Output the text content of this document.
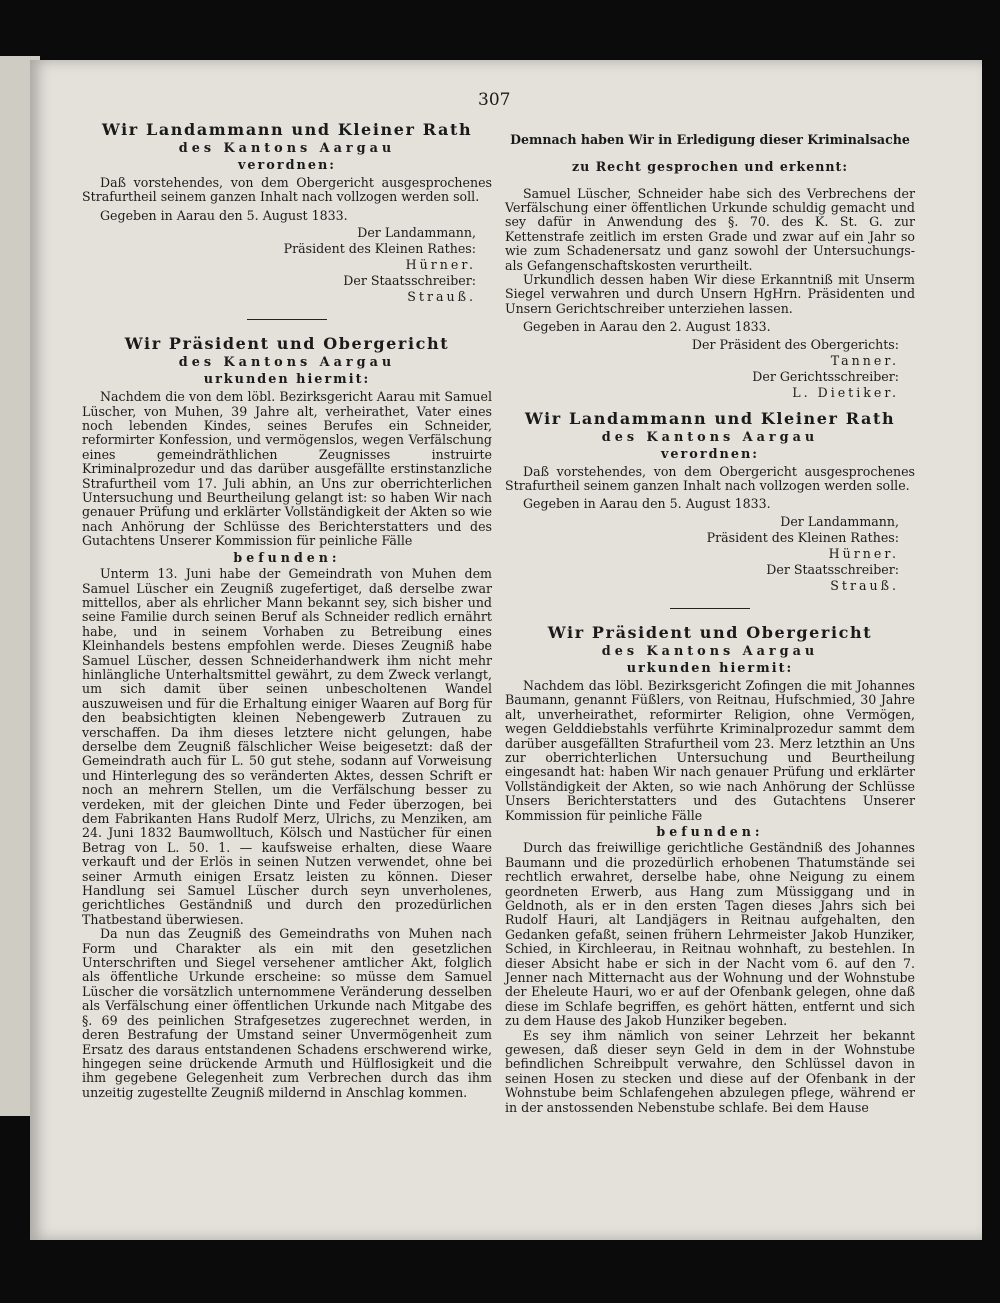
307

Wir Landammann und Kleiner Rath

des Kantons Aargau

verordnen:

Daß vorstehendes, von dem Obergericht ausgesprochenes Strafurtheil seinem ganzen Inhalt nach vollzogen werden soll.

Gegeben in Aarau den 5. August 1833.

Der Landammann,

Präsident des Kleinen Rathes:

Hürner.

Der Staatsschreiber:

Strauß.

Wir Präsident und Obergericht

des Kantons Aargau

urkunden hiermit:

Nachdem die von dem löbl. Bezirksgericht Aarau mit Samuel Lüscher, von Muhen, 39 Jahre alt, verheirathet, Vater eines noch lebenden Kindes, seines Berufes ein Schneider, reformirter Konfession, und vermögenslos, wegen Verfälschung eines gemeindräthlichen Zeugnisses instruirte Kriminalprozedur und das darüber ausgefällte erstinstanzliche Strafurtheil vom 17. Juli abhin, an Uns zur oberrichterlichen Untersuchung und Beurtheilung gelangt ist: so haben Wir nach genauer Prüfung und erklärter Vollständigkeit der Akten so wie nach Anhörung der Schlüsse des Berichterstatters und des Gutachtens Unserer Kommission für peinliche Fälle

befunden:

Unterm 13. Juni habe der Gemeindrath von Muhen dem Samuel Lüscher ein Zeugniß zugefertiget, daß derselbe zwar mittellos, aber als ehrlicher Mann bekannt sey, sich bisher und seine Familie durch seinen Beruf als Schneider redlich ernährt habe, und in seinem Vorhaben zu Betreibung eines Kleinhandels bestens empfohlen werde. Dieses Zeugniß habe Samuel Lüscher, dessen Schneiderhandwerk ihm nicht mehr hinlängliche Unterhaltsmittel gewährt, zu dem Zweck verlangt, um sich damit über seinen unbescholtenen Wandel auszuweisen und für die Erhaltung einiger Waaren auf Borg für den beabsichtigten kleinen Nebengewerb Zutrauen zu verschaffen. Da ihm dieses letztere nicht gelungen, habe derselbe dem Zeugniß fälschlicher Weise beigesetzt: daß der Gemeindrath auch für L. 50 gut stehe, sodann auf Vorweisung und Hinterlegung des so veränderten Aktes, dessen Schrift er noch an mehrern Stellen, um die Verfälschung besser zu verdeken, mit der gleichen Dinte und Feder überzogen, bei dem Fabrikanten Hans Rudolf Merz, Ulrichs, zu Menziken, am 24. Juni 1832 Baumwolltuch, Kölsch und Nastücher für einen Betrag von L. 50. 1. — kaufsweise erhalten, diese Waare verkauft und der Erlös in seinen Nutzen verwendet, ohne bei seiner Armuth einigen Ersatz leisten zu können. Dieser Handlung sei Samuel Lüscher durch seyn unverholenes, gerichtliches Geständniß und durch den prozedürlichen Thatbestand überwiesen.

Da nun das Zeugniß des Gemeindraths von Muhen nach Form und Charakter als ein mit den gesetzlichen Unterschriften und Siegel versehener amtlicher Akt, folglich als öffentliche Urkunde erscheine: so müsse dem Samuel Lüscher die vorsätzlich unternommene Veränderung desselben als Verfälschung einer öffentlichen Urkunde nach Mitgabe des §. 69 des peinlichen Strafgesetzes zugerechnet werden, in deren Bestrafung der Umstand seiner Unvermögenheit zum Ersatz des daraus entstandenen Schadens erschwerend wirke, hingegen seine drückende Armuth und Hülflosigkeit und die ihm gegebene Gelegenheit zum Verbrechen durch das ihm unzeitig zugestellte Zeugniß mildernd in Anschlag kommen.

Demnach haben Wir in Erledigung dieser Kriminalsache

zu Recht gesprochen und erkennt:

Samuel Lüscher, Schneider habe sich des Verbrechens der Verfälschung einer öffentlichen Urkunde schuldig gemacht und sey dafür in Anwendung des §. 70. des K. St. G. zur Kettenstrafe zeitlich im ersten Grade und zwar auf ein Jahr so wie zum Schadenersatz und ganz sowohl der Untersuchungs- als Gefangenschaftskosten verurtheilt.

Urkundlich dessen haben Wir diese Erkanntniß mit Unserm Siegel verwahren und durch Unsern HgHrn. Präsidenten und Unsern Gerichtschreiber unterziehen lassen.

Gegeben in Aarau den 2. August 1833.

Der Präsident des Obergerichts:

Tanner.

Der Gerichtsschreiber:

L. Dietiker.

Wir Landammann und Kleiner Rath

des Kantons Aargau

verordnen:

Daß vorstehendes, von dem Obergericht ausgesprochenes Strafurtheil seinem ganzen Inhalt nach vollzogen werden solle.

Gegeben in Aarau den 5. August 1833.

Der Landammann,

Präsident des Kleinen Rathes:

Hürner.

Der Staatsschreiber:

Strauß.

Wir Präsident und Obergericht

des Kantons Aargau

urkunden hiermit:

Nachdem das löbl. Bezirksgericht Zofingen die mit Johannes Baumann, genannt Füßlers, von Reitnau, Hufschmied, 30 Jahre alt, unverheirathet, reformirter Religion, ohne Vermögen, wegen Gelddiebstahls verführte Kriminalprozedur sammt dem darüber ausgefällten Strafurtheil vom 23. Merz letzthin an Uns zur oberrichterlichen Untersuchung und Beurtheilung eingesandt hat: haben Wir nach genauer Prüfung und erklärter Vollständigkeit der Akten, so wie nach Anhörung der Schlüsse Unsers Berichterstatters und des Gutachtens Unserer Kommission für peinliche Fälle

befunden:

Durch das freiwillige gerichtliche Geständniß des Johannes Baumann und die prozedürlich erhobenen Thatumstände sei rechtlich erwahret, derselbe habe, ohne Neigung zu einem geordneten Erwerb, aus Hang zum Müssiggang und in Geldnoth, als er in den ersten Tagen dieses Jahrs sich bei Rudolf Hauri, alt Landjägers in Reitnau aufgehalten, den Gedanken gefaßt, seinen frühern Lehrmeister Jakob Hunziker, Schied, in Kirchleerau, in Reitnau wohnhaft, zu bestehlen. In dieser Absicht habe er sich in der Nacht vom 6. auf den 7. Jenner nach Mitternacht aus der Wohnung und der Wohnstube der Eheleute Hauri, wo er auf der Ofenbank gelegen, ohne daß diese im Schlafe begriffen, es gehört hätten, entfernt und sich zu dem Hause des Jakob Hunziker begeben.

Es sey ihm nämlich von seiner Lehrzeit her bekannt gewesen, daß dieser seyn Geld in dem in der Wohnstube befindlichen Schreibpult verwahre, den Schlüssel davon in seinen Hosen zu stecken und diese auf der Ofenbank in der Wohnstube beim Schlafengehen abzulegen pflege, während er in der anstossenden Nebenstube schlafe. Bei dem Hause
